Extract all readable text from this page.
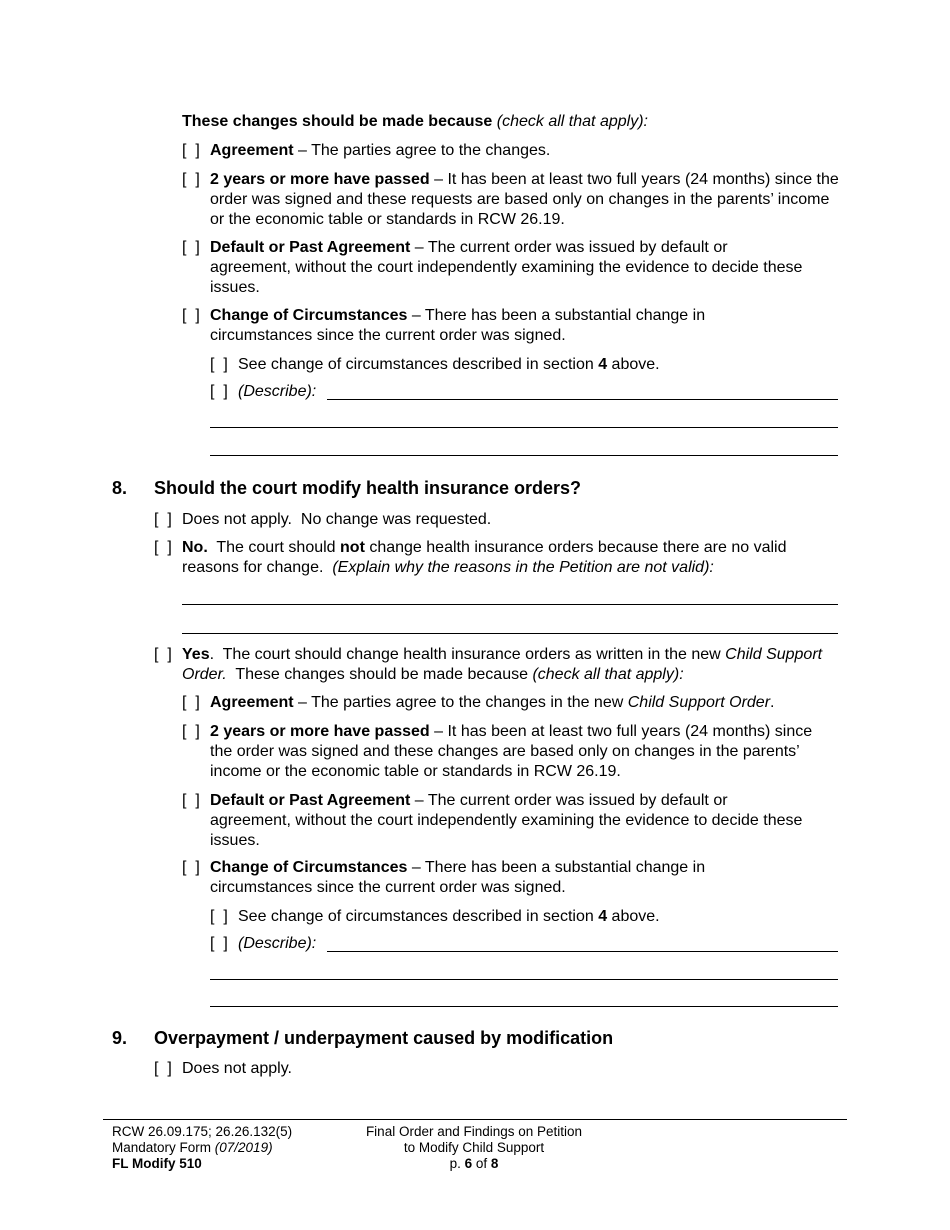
These changes should be made because (check all that apply):
[  ] Agreement – The parties agree to the changes.
[  ] 2 years or more have passed – It has been at least two full years (24 months) since the order was signed and these requests are based only on changes in the parents’ income or the economic table or standards in RCW 26.19.
[  ] Default or Past Agreement – The current order was issued by default or agreement, without the court independently examining the evidence to decide these issues.
[  ] Change of Circumstances – There has been a substantial change in circumstances since the current order was signed.
[  ] See change of circumstances described in section 4 above.
[  ] (Describe):
8. Should the court modify health insurance orders?
[  ] Does not apply.  No change was requested.
[  ] No.  The court should not change health insurance orders because there are no valid reasons for change.  (Explain why the reasons in the Petition are not valid):
[  ] Yes.  The court should change health insurance orders as written in the new Child Support Order.  These changes should be made because (check all that apply):
[  ] Agreement – The parties agree to the changes in the new Child Support Order.
[  ] 2 years or more have passed – It has been at least two full years (24 months) since the order was signed and these changes are based only on changes in the parents’ income or the economic table or standards in RCW 26.19.
[  ] Default or Past Agreement – The current order was issued by default or agreement, without the court independently examining the evidence to decide these issues.
[  ] Change of Circumstances – There has been a substantial change in circumstances since the current order was signed.
[  ] See change of circumstances described in section 4 above.
[  ] (Describe):
9. Overpayment / underpayment caused by modification
[  ] Does not apply.
RCW 26.09.175; 26.26.132(5)
Mandatory Form (07/2019)
FL Modify 510
Final Order and Findings on Petition
to Modify Child Support
p. 6 of 8
